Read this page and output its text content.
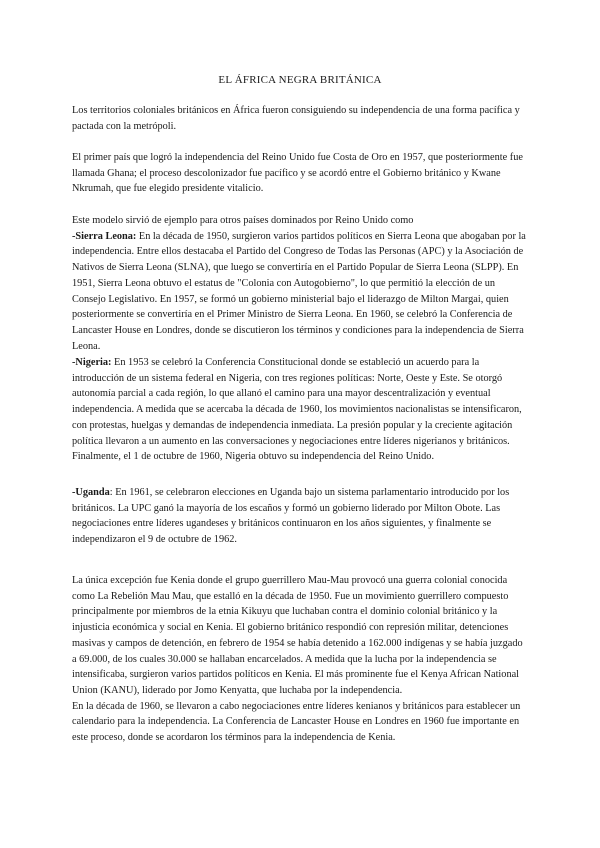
EL ÁFRICA NEGRA BRITÁNICA

Los territorios coloniales británicos en África fueron consiguiendo su independencia de una forma pacífica y pactada con la metrópoli.

El primer país que logró la independencia del Reino Unido fue Costa de Oro en 1957, que posteriormente fue llamada Ghana; el proceso descolonizador fue pacífico y se acordó entre el Gobierno británico y Kwane Nkrumah, que fue elegido presidente vitalicio.

Este modelo sirvió de ejemplo para otros países dominados por Reino Unido como

-Sierra Leona: En la década de 1950, surgieron varios partidos políticos en Sierra Leona que abogaban por la independencia. Entre ellos destacaba el Partido del Congreso de Todas las Personas (APC) y la Asociación de Nativos de Sierra Leona (SLNA), que luego se convertiría en el Partido Popular de Sierra Leona (SLPP). En 1951, Sierra Leona obtuvo el estatus de "Colonia con Autogobierno", lo que permitió la elección de un Consejo Legislativo. En 1957, se formó un gobierno ministerial bajo el liderazgo de Milton Margai, quien posteriormente se convertiría en el Primer Ministro de Sierra Leona. En 1960, se celebró la Conferencia de Lancaster House en Londres, donde se discutieron los términos y condiciones para la independencia de Sierra Leona.

-Nigeria: En 1953 se celebró la Conferencia Constitucional donde se estableció un acuerdo para la introducción de un sistema federal en Nigeria, con tres regiones políticas: Norte, Oeste y Este. Se otorgó autonomía parcial a cada región, lo que allanó el camino para una mayor descentralización y eventual independencia. A medida que se acercaba la década de 1960, los movimientos nacionalistas se intensificaron, con protestas, huelgas y demandas de independencia inmediata. La presión popular y la creciente agitación política llevaron a un aumento en las conversaciones y negociaciones entre líderes nigerianos y británicos. Finalmente, el 1 de octubre de 1960, Nigeria obtuvo su independencia del Reino Unido.

-Uganda: En 1961, se celebraron elecciones en Uganda bajo un sistema parlamentario introducido por los británicos. La UPC ganó la mayoría de los escaños y formó un gobierno liderado por Milton Obote. Las negociaciones entre líderes ugandeses y británicos continuaron en los años siguientes, y finalmente se independizaron el 9 de octubre de 1962.

La única excepción fue Kenia donde el grupo guerrillero Mau-Mau provocó una guerra colonial conocida como La Rebelión Mau Mau, que estalló en la década de 1950. Fue un movimiento guerrillero compuesto principalmente por miembros de la etnia Kikuyu que luchaban contra el dominio colonial británico y la injusticia económica y social en Kenia. El gobierno británico respondió con represión militar, detenciones masivas y campos de detención, en febrero de 1954 se había detenido a 162.000 indígenas y se había juzgado a 69.000, de los cuales 30.000 se hallaban encarcelados. A medida que la lucha por la independencia se intensificaba, surgieron varios partidos políticos en Kenia. El más prominente fue el Kenya African National Union (KANU), liderado por Jomo Kenyatta, que luchaba por la independencia.

En la década de 1960, se llevaron a cabo negociaciones entre líderes kenianos y británicos para establecer un calendario para la independencia. La Conferencia de Lancaster House en Londres en 1960 fue importante en este proceso, donde se acordaron los términos para la independencia de Kenia.
